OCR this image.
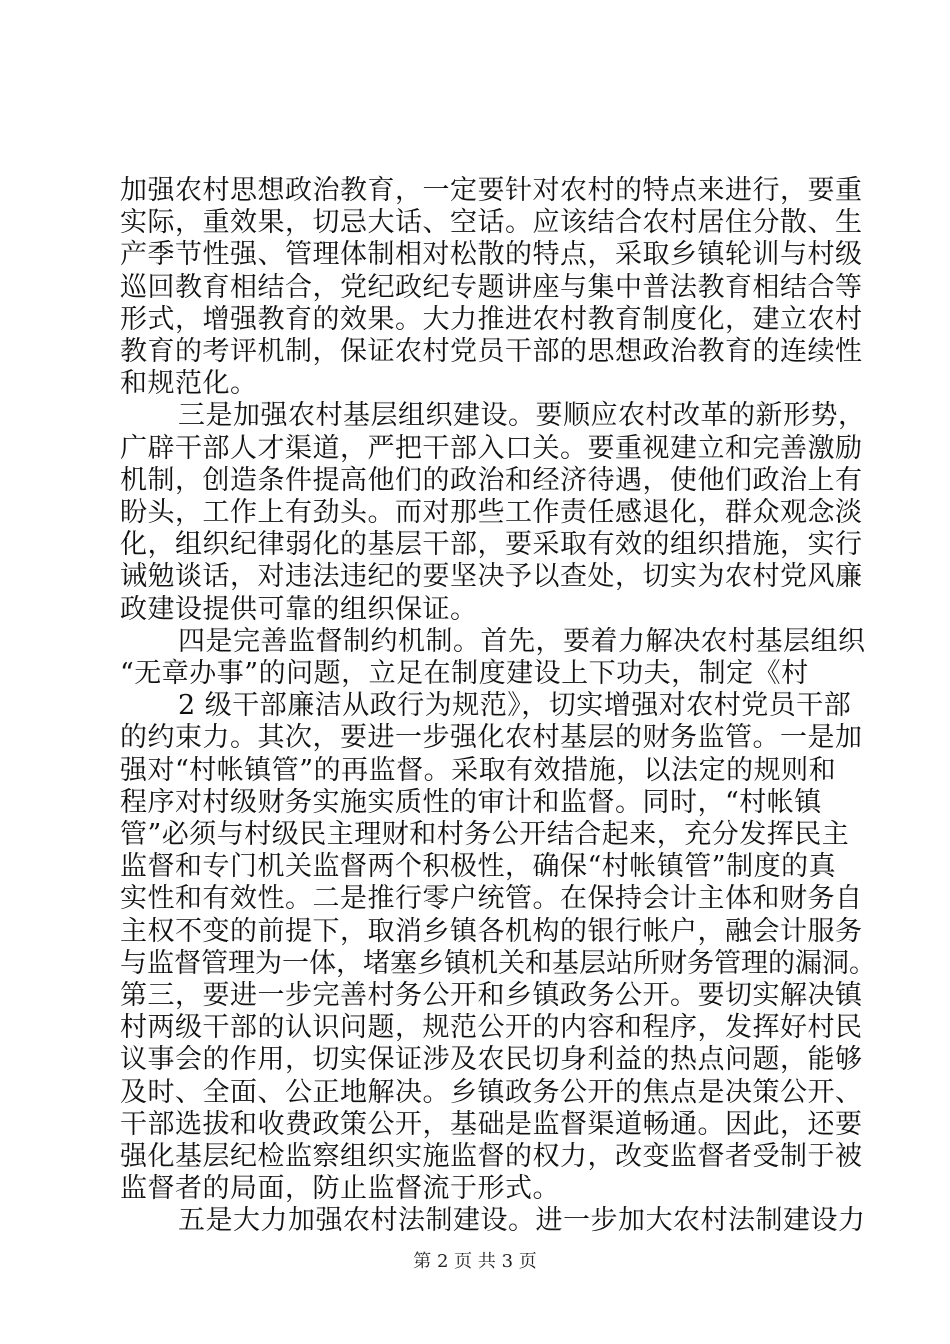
加强农村思想政治教育，一定要针对农村的特点来进行，要重
实际，重效果，切忌大话、空话。应该结合农村居住分散、生
产季节性强、管理体制相对松散的特点，采取乡镇轮训与村级
巡回教育相结合，党纪政纪专题讲座与集中普法教育相结合等
形式，增强教育的效果。大力推进农村教育制度化，建立农村
教育的考评机制，保证农村党员干部的思想政治教育的连续性
和规范化。
三是加强农村基层组织建设。要顺应农村改革的新形势，
广辟干部人才渠道，严把干部入口关。要重视建立和完善激励
机制，创造条件提高他们的政治和经济待遇，使他们政治上有
盼头，工作上有劲头。而对那些工作责任感退化，群众观念淡
化，组织纪律弱化的基层干部，要采取有效的组织措施，实行
诫勉谈话，对违法违纪的要坚决予以查处，切实为农村党风廉
政建设提供可靠的组织保证。
四是完善监督制约机制。首先，要着力解决农村基层组织
“无章办事”的问题，立足在制度建设上下功夫，制定《村
2 级干部廉洁从政行为规范》，切实增强对农村党员干部
的约束力。其次，要进一步强化农村基层的财务监管。一是加
强对“村帐镇管”的再监督。采取有效措施，以法定的规则和
程序对村级财务实施实质性的审计和监督。同时，“村帐镇
管”必须与村级民主理财和村务公开结合起来，充分发挥民主
监督和专门机关监督两个积极性，确保“村帐镇管”制度的真
实性和有效性。二是推行零户统管。在保持会计主体和财务自
主权不变的前提下，取消乡镇各机构的银行帐户，融会计服务
与监督管理为一体，堵塞乡镇机关和基层站所财务管理的漏洞。
第三，要进一步完善村务公开和乡镇政务公开。要切实解决镇
村两级干部的认识问题，规范公开的内容和程序，发挥好村民
议事会的作用，切实保证涉及农民切身利益的热点问题，能够
及时、全面、公正地解决。乡镇政务公开的焦点是决策公开、
干部选拔和收费政策公开，基础是监督渠道畅通。因此，还要
强化基层纪检监察组织实施监督的权力，改变监督者受制于被
监督者的局面，防止监督流于形式。
五是大力加强农村法制建设。进一步加大农村法制建设力
第 2 页 共 3 页
